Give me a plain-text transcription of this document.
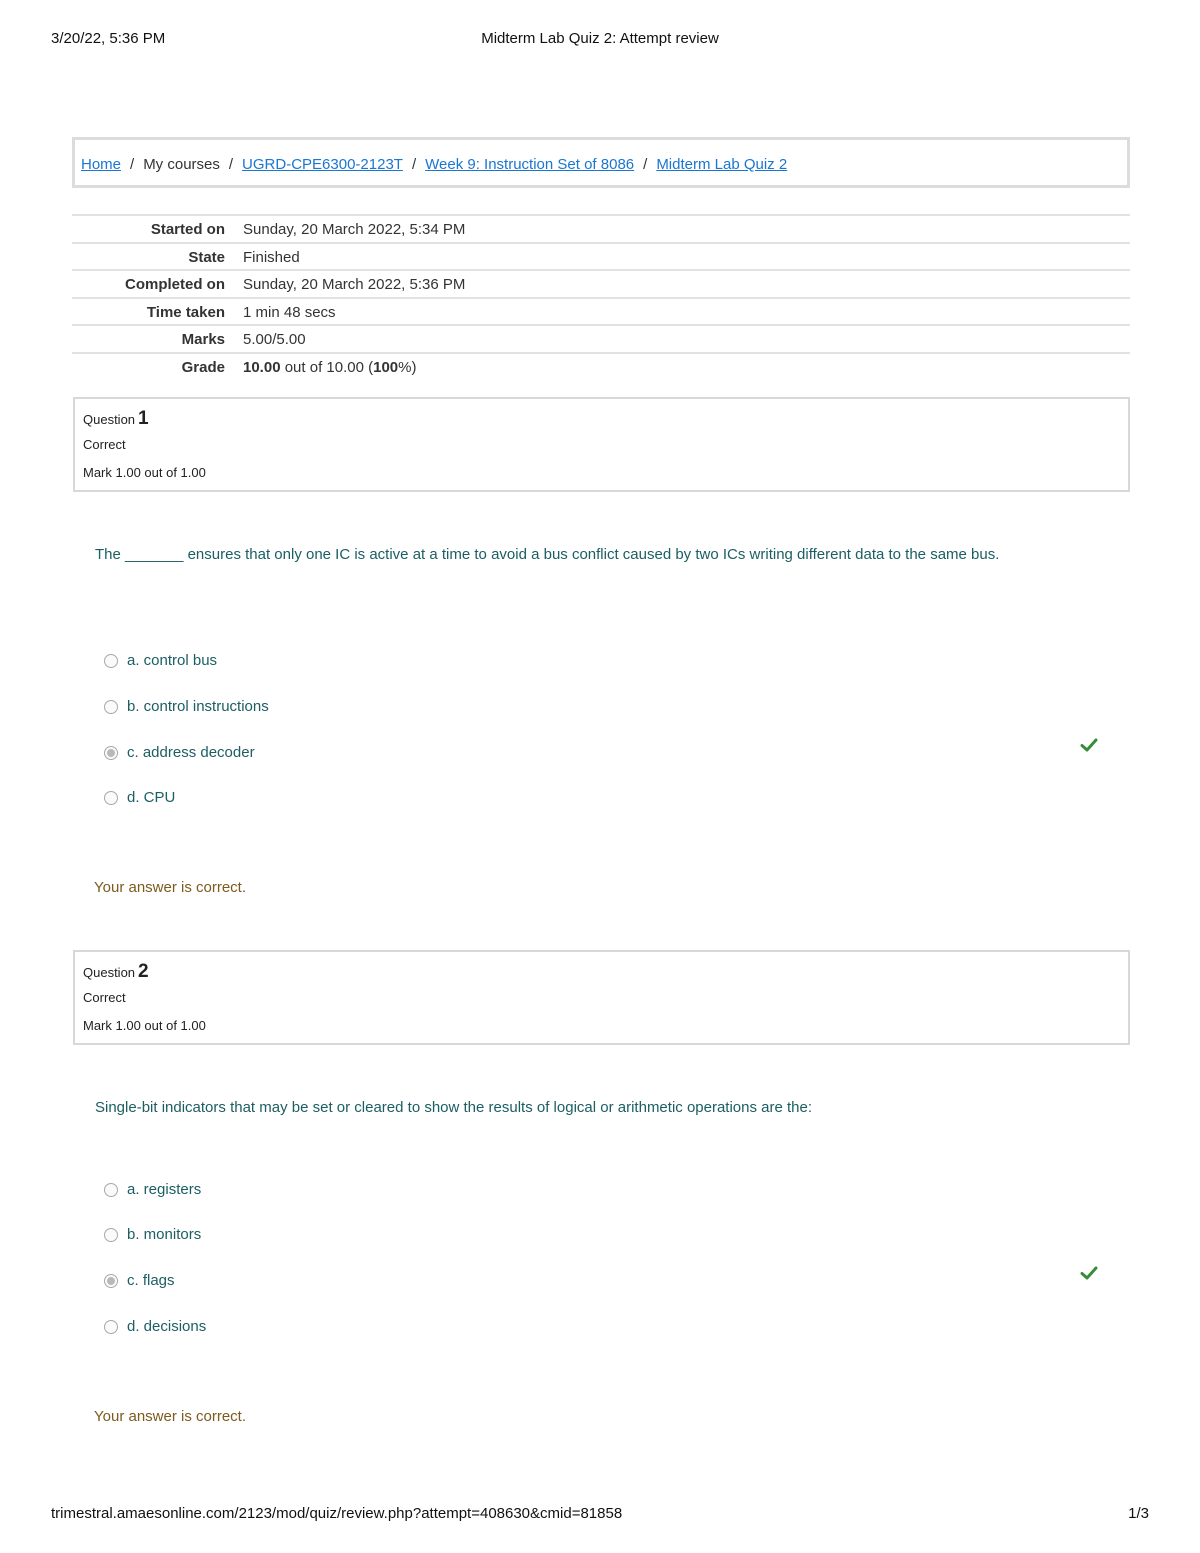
3/20/22, 5:36 PM	Midterm Lab Quiz 2: Attempt review
Home / My courses / UGRD-CPE6300-2123T / Week 9: Instruction Set of 8086 / Midterm Lab Quiz 2
Started on Sunday, 20 March 2022, 5:34 PM
State Finished
Completed on Sunday, 20 March 2022, 5:36 PM
Time taken 1 min 48 secs
Marks 5.00/5.00
Grade 10.00 out of 10.00 (100%)
Question 1
Correct
Mark 1.00 out of 1.00
The _______ ensures that only one IC is active at a time to avoid a bus conflict caused by two ICs writing different data to the same bus.
a. control bus
b. control instructions
c. address decoder
d. CPU
Your answer is correct.
Question 2
Correct
Mark 1.00 out of 1.00
Single-bit indicators that may be set or cleared to show the results of logical or arithmetic operations are the:
a. registers
b. monitors
c. flags
d. decisions
Your answer is correct.
trimestral.amaesonline.com/2123/mod/quiz/review.php?attempt=408630&cmid=81858	1/3
